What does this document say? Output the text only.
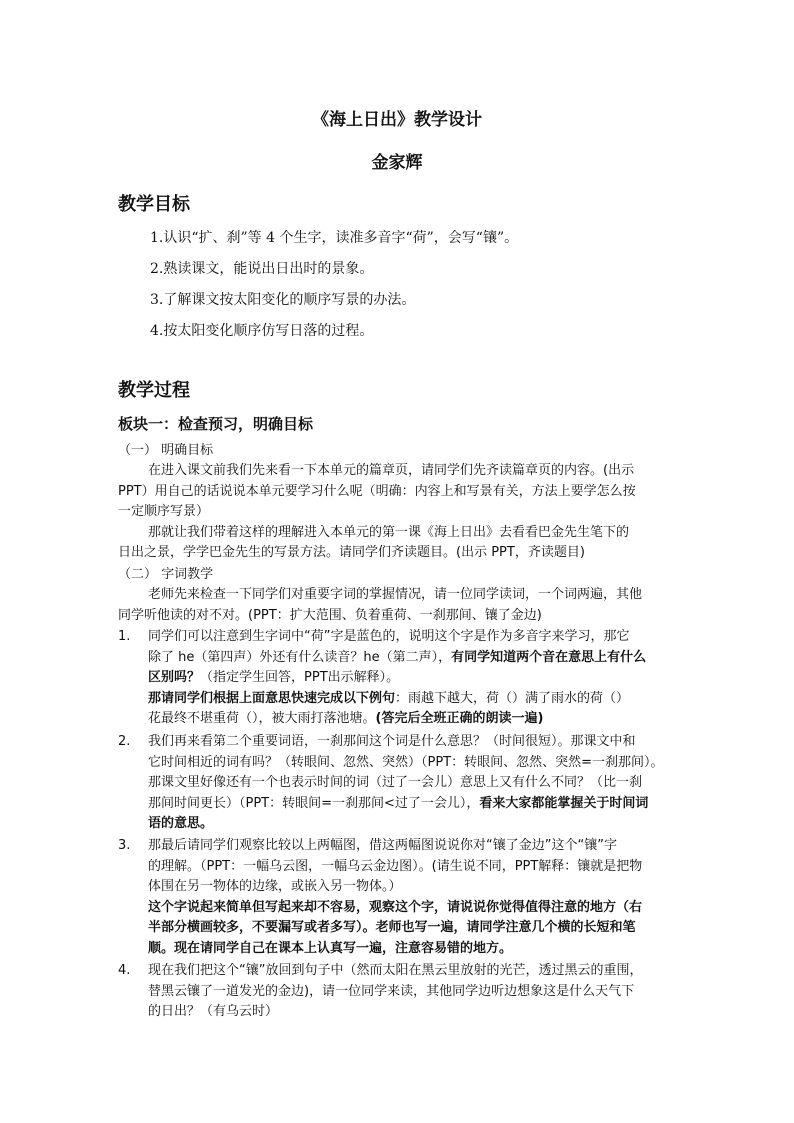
《海上日出》教学设计
金家辉
教学目标
1.认识“扩、刹”等 4 个生字，读准多音字“荷”，会写“镶”。
2.熟读课文，能说出日出时的景象。
3.了解课文按太阳变化的顺序写景的办法。
4.按太阳变化顺序仿写日落的过程。
教学过程
板块一：检查预习，明确目标
（一） 明确目标
在进入课文前我们先来看一下本单元的篇章页，请同学们先齐读篇章页的内容。(出示
PPT）用自己的话说说本单元要学习什么呢（明确：内容上和写景有关，方法上要学怎么按
一定顺序写景）
那就让我们带着这样的理解进入本单元的第一课《海上日出》去看看巴金先生笔下的
日出之景，学学巴金先生的写景方法。请同学们齐读题目。(出示 PPT，齐读题目)
（二） 字词教学
老师先来检查一下同学们对重要字词的掌握情况，请一位同学读词，一个词两遍，其他
同学听他读的对不对。(PPT：扩大范围、负着重荷、一刹那间、镶了金边)
1.	同学们可以注意到生字词中“荷”字是蓝色的，说明这个字是作为多音字来学习，那它
除了 he（第四声）外还有什么读音？he（第二声），有同学知道两个音在意思上有什么
区别吗？（指定学生回答，PPT出示解释）。
那请同学们根据上面意思快速完成以下例句：雨越下越大，荷（）满了雨水的荷（）
花最终不堪重荷（），被大雨打落池塘。(答完后全班正确的朗读一遍)
2.	我们再来看第二个重要词语，一刹那间这个词是什么意思？（时间很短）。那课文中和
它时间相近的词有吗？（转眼间、忽然、突然）（PPT：转眼间、忽然、突然=一刹那间）。
那课文里好像还有一个也表示时间的词（过了一会儿）意思上又有什么不同？（比一刹
那间时间更长）（PPT：转眼间=一刹那间<过了一会儿），看来大家都能掌握关于时间词
语的意思。
3.	那最后请同学们观察比较以上两幅图，借这两幅图说说你对“镶了金边”这个“镶”字
的理解。（PPT：一幅乌云图，一幅乌云金边图）。(请生说不同，PPT解释：镶就是把物
体围在另一物体的边缘，或嵌入另一物体。）
这个字说起来简单但写起来却不容易，观察这个字，请说说你觉得值得注意的地方（右
半部分横画较多，不要漏写或者多写）。老师也写一遍，请同学注意几个横的长短和笔
顺。现在请同学自己在课本上认真写一遍，注意容易错的地方。
4.	现在我们把这个“镶”放回到句子中（然而太阳在黑云里放射的光芒，透过黑云的重围，
替黑云镶了一道发光的金边)，请一位同学来读，其他同学边听边想象这是什么天气下
的日出？（有乌云时）
